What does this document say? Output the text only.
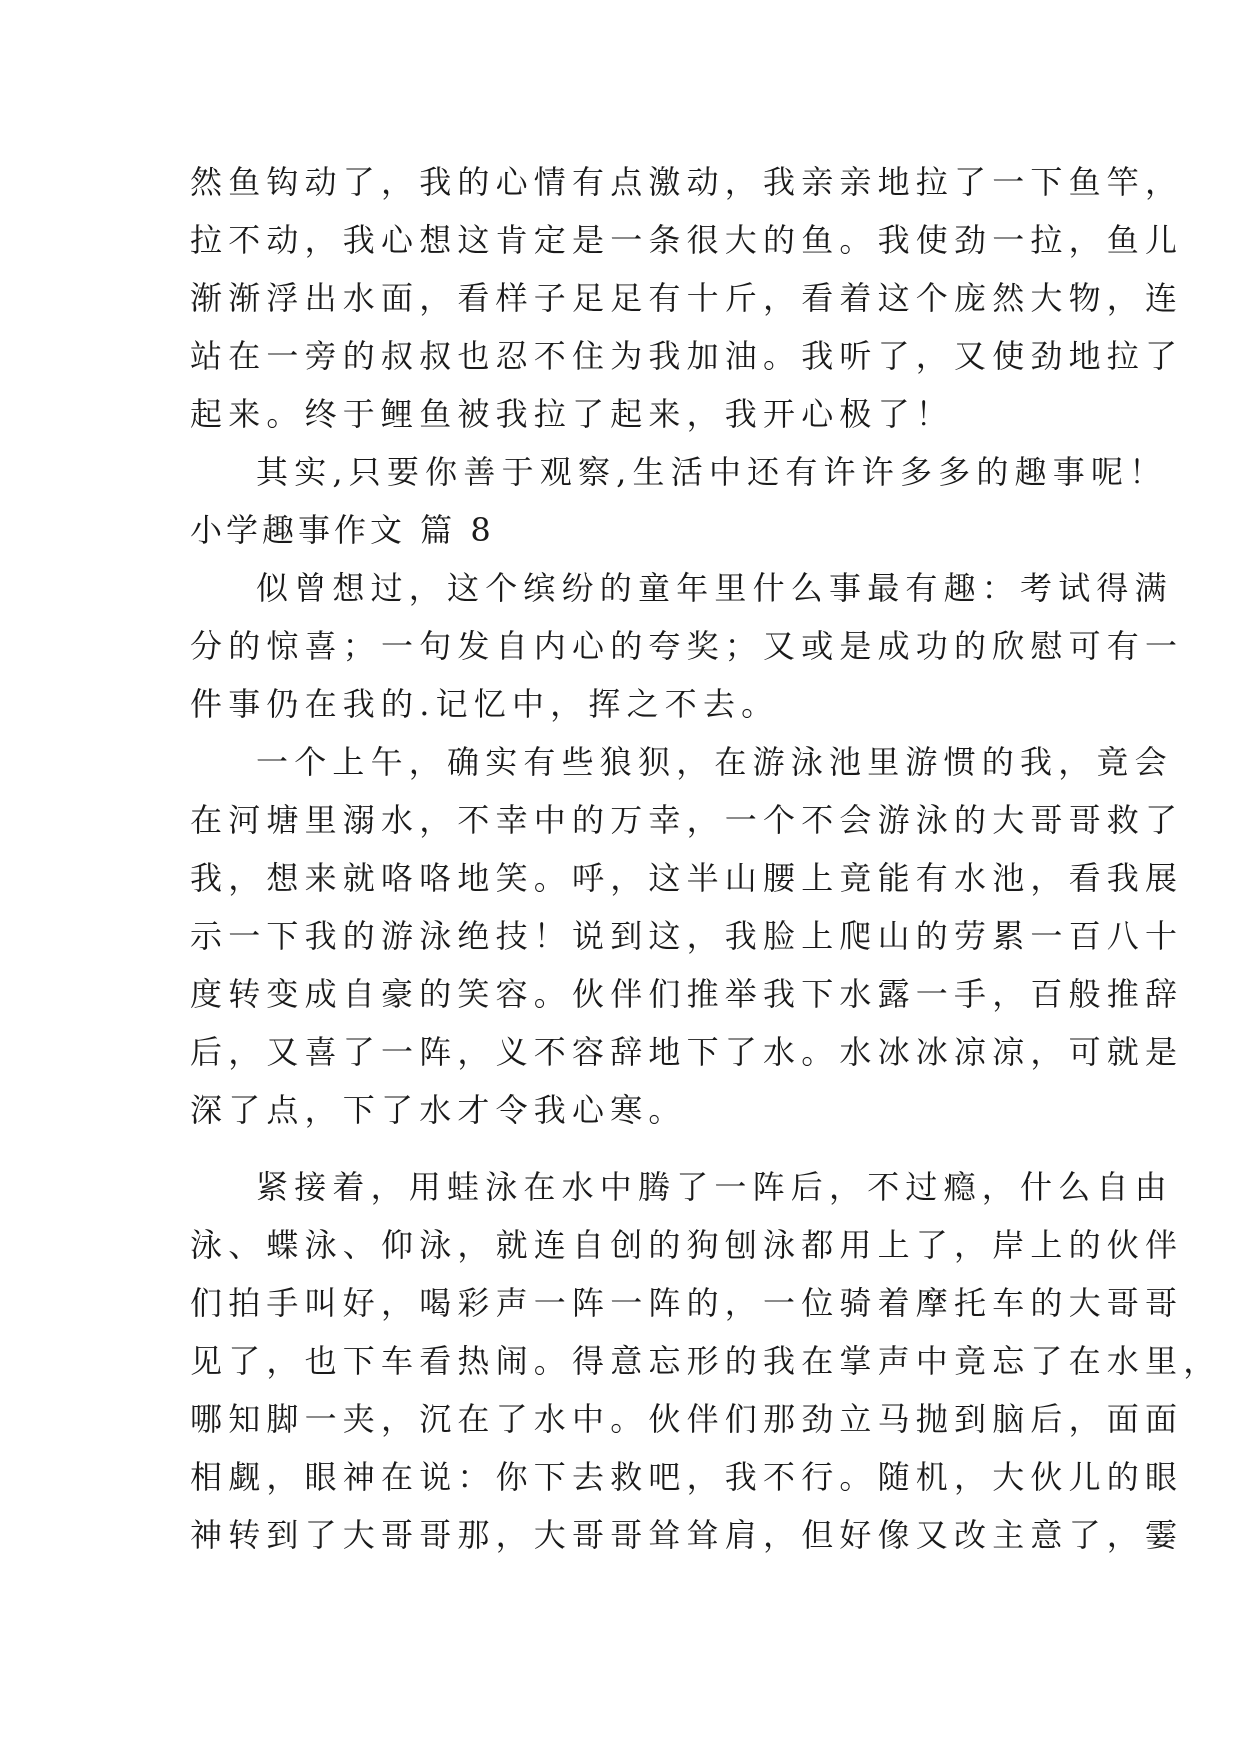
然鱼钩动了，我的心情有点激动，我亲亲地拉了一下鱼竿，
拉不动，我心想这肯定是一条很大的鱼。我使劲一拉，鱼儿
渐渐浮出水面，看样子足足有十斤，看着这个庞然大物，连
站在一旁的叔叔也忍不住为我加油。我听了，又使劲地拉了
起来。终于鲤鱼被我拉了起来，我开心极了！
其实,只要你善于观察,生活中还有许许多多的趣事呢！
小学趣事作文 篇 8
似曾想过，这个缤纷的童年里什么事最有趣：考试得满
分的惊喜；一句发自内心的夸奖；又或是成功的欣慰可有一
件事仍在我的.记忆中，挥之不去。
一个上午，确实有些狼狈，在游泳池里游惯的我，竟会
在河塘里溺水，不幸中的万幸，一个不会游泳的大哥哥救了
我，想来就咯咯地笑。呼，这半山腰上竟能有水池，看我展
示一下我的游泳绝技！说到这，我脸上爬山的劳累一百八十
度转变成自豪的笑容。伙伴们推举我下水露一手，百般推辞
后，又喜了一阵，义不容辞地下了水。水冰冰凉凉，可就是
深了点，下了水才令我心寒。
紧接着，用蛙泳在水中腾了一阵后，不过瘾，什么自由
泳、蝶泳、仰泳，就连自创的狗刨泳都用上了，岸上的伙伴
们拍手叫好，喝彩声一阵一阵的，一位骑着摩托车的大哥哥
见了，也下车看热闹。得意忘形的我在掌声中竟忘了在水里，
哪知脚一夹，沉在了水中。伙伴们那劲立马抛到脑后，面面
相觑，眼神在说：你下去救吧，我不行。随机，大伙儿的眼
神转到了大哥哥那，大哥哥耸耸肩，但好像又改主意了，霎
